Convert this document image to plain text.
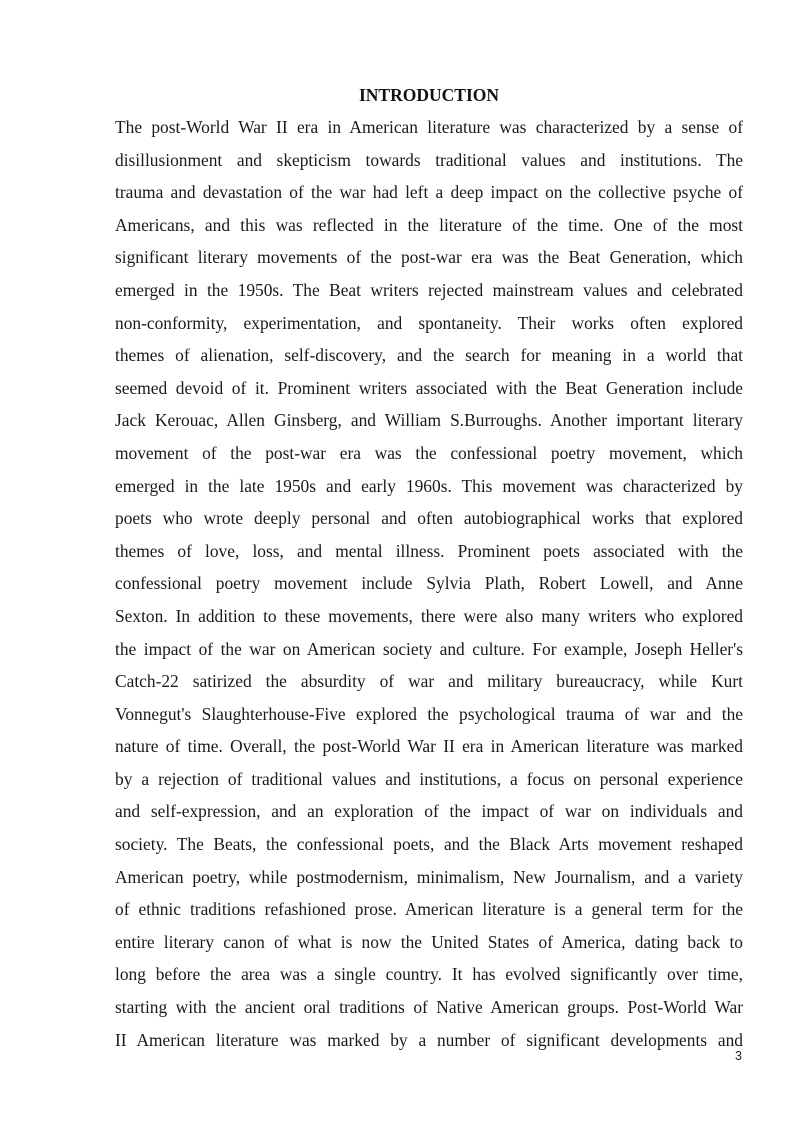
INTRODUCTION
The post-World War II era in American literature was characterized by a sense of
disillusionment and skepticism towards traditional values and institutions. The
trauma and devastation of the war had left a deep impact on the collective psyche of
Americans, and this was reflected in the literature of the time. One of the most
significant literary movements of the post-war era was the Beat Generation, which
emerged in the 1950s. The Beat writers rejected mainstream values and celebrated
non-conformity, experimentation, and spontaneity. Their works often explored
themes of alienation, self-discovery, and the search for meaning in a world that
seemed devoid of it. Prominent writers associated with the Beat Generation include
Jack Kerouac, Allen Ginsberg, and William S.Burroughs. Another important literary
movement of the post-war era was the confessional poetry movement, which
emerged in the late 1950s and early 1960s. This movement was characterized by
poets who wrote deeply personal and often autobiographical works that explored
themes of love, loss, and mental illness. Prominent poets associated with the
confessional poetry movement include Sylvia Plath, Robert Lowell, and Anne
Sexton. In addition to these movements, there were also many writers who explored
the impact of the war on American society and culture. For example, Joseph Heller's
Catch-22 satirized the absurdity of war and military bureaucracy, while Kurt
Vonnegut's Slaughterhouse-Five explored the psychological trauma of war and the
nature of time. Overall, the post-World War II era in American literature was marked
by a rejection of traditional values and institutions, a focus on personal experience
and self-expression, and an exploration of the impact of war on individuals and
society. The Beats, the confessional poets, and the Black Arts movement reshaped
American poetry, while postmodernism, minimalism, New Journalism, and a variety
of ethnic traditions refashioned prose. American literature is a general term for the
entire literary canon of what is now the United States of America, dating back to
long before the area was a single country. It has evolved significantly over time,
starting with the ancient oral traditions of Native American groups. Post-World War
II American literature was marked by a number of significant developments and
3
